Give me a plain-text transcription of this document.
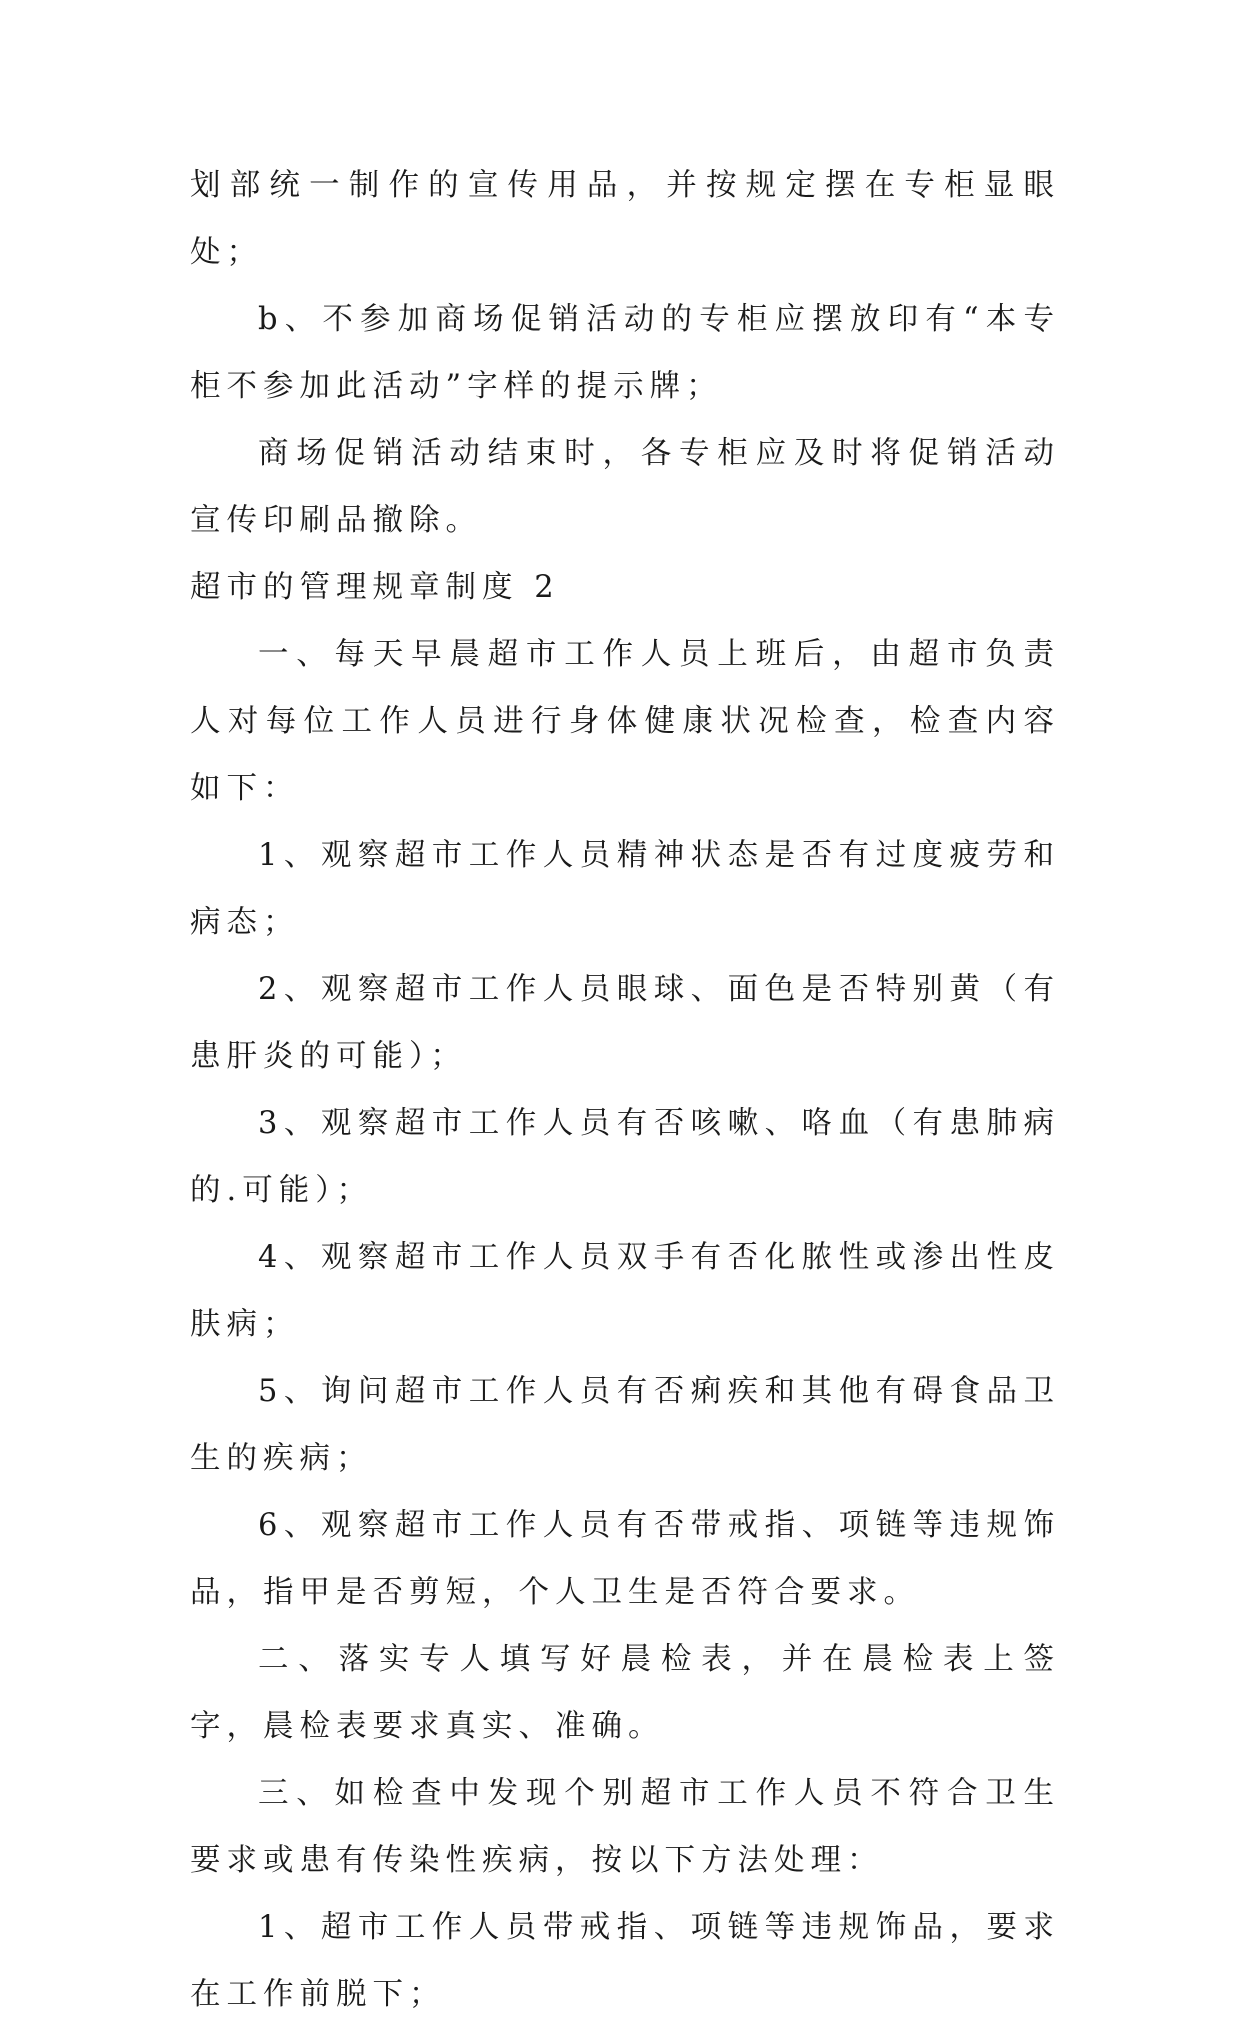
划部统一制作的宣传用品，并按规定摆在专柜显眼处；

b、不参加商场促销活动的专柜应摆放印有“本专柜不参加此活动”字样的提示牌；

商场促销活动结束时，各专柜应及时将促销活动宣传印刷品撤除。

超市的管理规章制度 2

一、每天早晨超市工作人员上班后，由超市负责人对每位工作人员进行身体健康状况检查，检查内容如下：

1、观察超市工作人员精神状态是否有过度疲劳和病态；

2、观察超市工作人员眼球、面色是否特别黄（有患肝炎的可能）；

3、观察超市工作人员有否咳嗽、咯血（有患肺病的.可能）；

4、观察超市工作人员双手有否化脓性或渗出性皮肤病；

5、询问超市工作人员有否痢疾和其他有碍食品卫生的疾病；

6、观察超市工作人员有否带戒指、项链等违规饰品，指甲是否剪短，个人卫生是否符合要求。

二、落实专人填写好晨检表，并在晨检表上签字，晨检表要求真实、准确。

三、如检查中发现个别超市工作人员不符合卫生要求或患有传染性疾病，按以下方法处理：

1、超市工作人员带戒指、项链等违规饰品，要求在工作前脱下；
